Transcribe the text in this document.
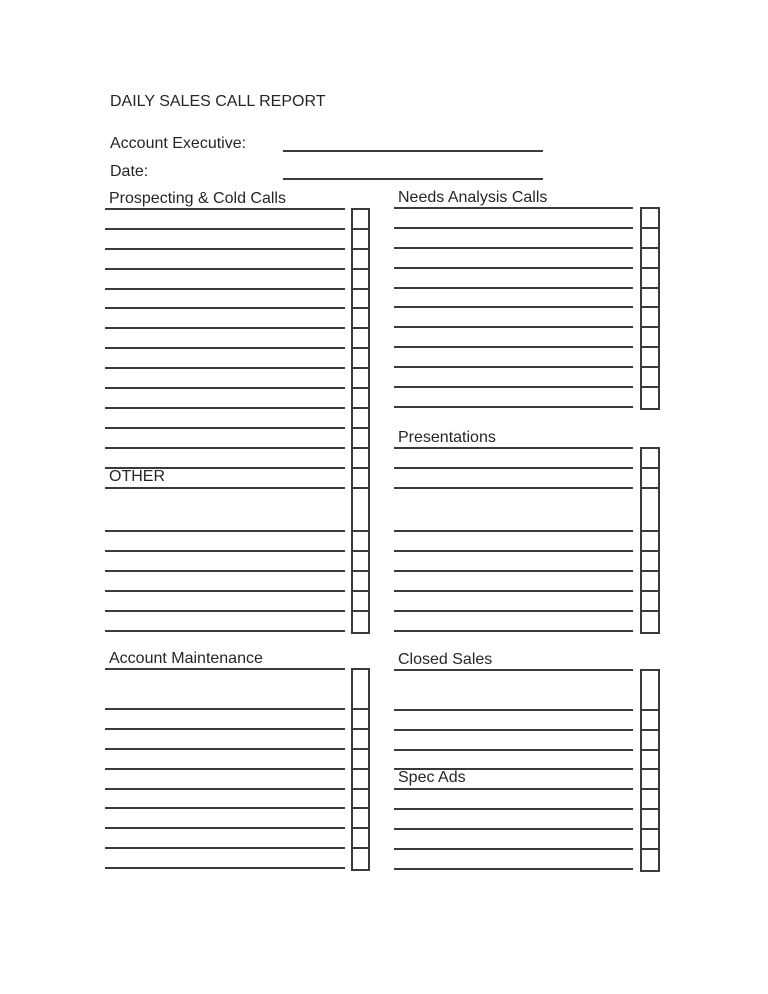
DAILY SALES CALL REPORT
Account Executive:
Date:
Prospecting & Cold Calls
OTHER
Needs Analysis Calls
Presentations
Account Maintenance	Closed Sales
Spec Ads
